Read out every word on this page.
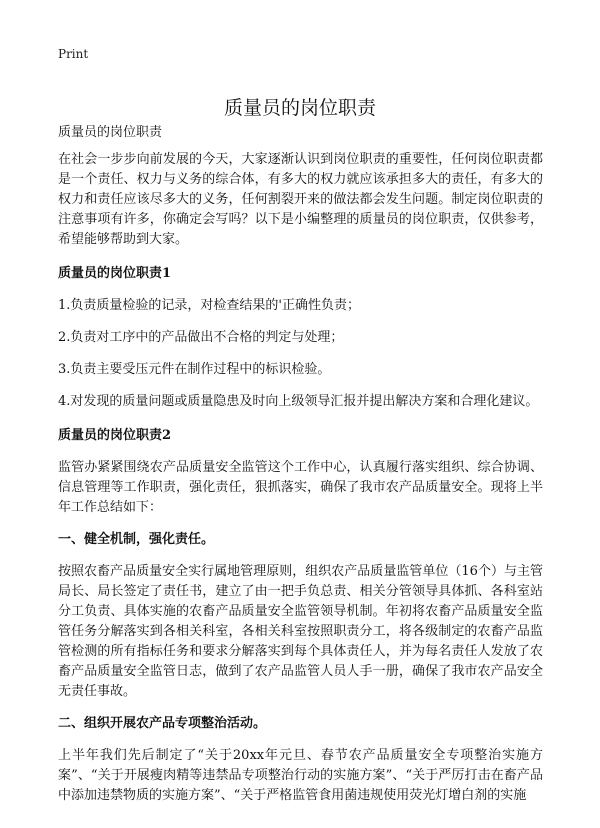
Print
质量员的岗位职责
质量员的岗位职责

在社会一步步向前发展的今天，大家逐渐认识到岗位职责的重要性，任何岗位职责都是一个责任、权力与义务的综合体，有多大的权力就应该承担多大的责任，有多大的权力和责任应该尽多大的义务，任何割裂开来的做法都会发生问题。制定岗位职责的注意事项有许多，你确定会写吗？以下是小编整理的质量员的岗位职责，仅供参考，希望能够帮助到大家。

质量员的岗位职责1

1.负责质量检验的记录，对检查结果的'正确性负责；

2.负责对工序中的产品做出不合格的判定与处理；

3.负责主要受压元件在制作过程中的标识检验。

4.对发现的质量问题或质量隐患及时向上级领导汇报并提出解决方案和合理化建议。

质量员的岗位职责2

监管办紧紧围绕农产品质量安全监管这个工作中心，认真履行落实组织、综合协调、信息管理等工作职责，强化责任，狠抓落实，确保了我市农产品质量安全。现将上半年工作总结如下：

一、健全机制，强化责任。

按照农畜产品质量安全实行属地管理原则，组织农产品质量监管单位（16个）与主管局长、局长签定了责任书，建立了由一把手负总责、相关分管领导具体抓、各科室站分工负责、具体实施的农畜产品质量安全监管领导机制。年初将农畜产品质量安全监管任务分解落实到各相关科室，各相关科室按照职责分工，将各级制定的农畜产品监管检测的所有指标任务和要求分解落实到每个具体责任人，并为每名责任人发放了农畜产品质量安全监管日志，做到了农产品监管人员人手一册，确保了我市农产品安全无责任事故。

二、组织开展农产品专项整治活动。

上半年我们先后制定了“关于20xx年元旦、春节农产品质量安全专项整治实施方案”、“关于开展瘦肉精等违禁品专项整治行动的实施方案”、“关于严厉打击在畜产品中添加违禁物质的实施方案”、“关于严格监管食用菌违规使用荧光灯增白剂的实施
